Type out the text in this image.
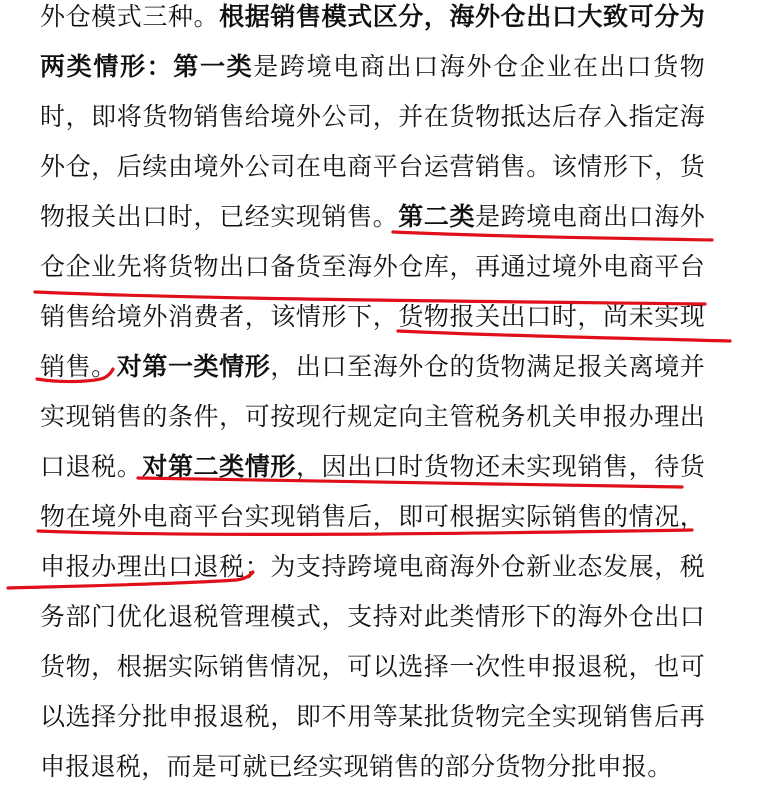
外仓模式三种。根据销售模式区分，海外仓出口大致可分为
两类情形：第一类是跨境电商出口海外仓企业在出口货物
时，即将货物销售给境外公司，并在货物抵达后存入指定海
外仓，后续由境外公司在电商平台运营销售。该情形下，货
物报关出口时，已经实现销售。第二类是跨境电商出口海外
仓企业先将货物出口备货至海外仓库，再通过境外电商平台
销售给境外消费者，该情形下，货物报关出口时，尚未实现
销售。对第一类情形，出口至海外仓的货物满足报关离境并
实现销售的条件，可按现行规定向主管税务机关申报办理出
口退税。对第二类情形，因出口时货物还未实现销售，待货
物在境外电商平台实现销售后，即可根据实际销售的情况，
申报办理出口退税；为支持跨境电商海外仓新业态发展，税
务部门优化退税管理模式，支持对此类情形下的海外仓出口
货物，根据实际销售情况，可以选择一次性申报退税，也可
以选择分批申报退税，即不用等某批货物完全实现销售后再
申报退税，而是可就已经实现销售的部分货物分批申报。
